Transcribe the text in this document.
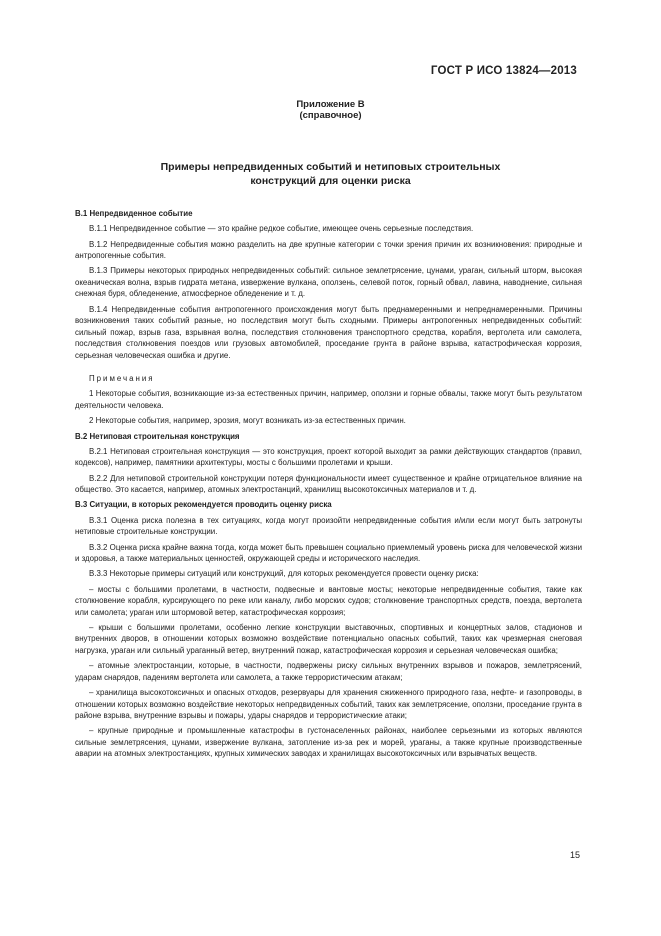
ГОСТ Р ИСО 13824—2013
Приложение В
(справочное)
Примеры непредвиденных событий и нетиповых строительных
конструкций для оценки риска

В.1 Непредвиденное событие

В.1.1 Непредвиденное событие — это крайне редкое событие, имеющее очень серьезные последствия.

В.1.2 Непредвиденные события можно разделить на две крупные категории с точки зрения причин их возникновения: природные и антропогенные события.

В.1.3 Примеры некоторых природных непредвиденных событий: сильное землетрясение, цунами, ураган, сильный шторм, высокая океаническая волна, взрыв гидрата метана, извержение вулкана, оползень, селевой поток, горный обвал, лавина, наводнение, сильная снежная буря, обледенение, атмосферное обледенение и т. д.

В.1.4 Непредвиденные события антропогенного происхождения могут быть преднамеренными и непреднамеренными. Причины возникновения таких событий разные, но последствия могут быть сходными. Примеры антропогенных непредвиденных событий: сильный пожар, взрыв газа, взрывная волна, последствия столкновения транспортного средства, корабля, вертолета или самолета, последствия столкновения поездов или грузовых автомобилей, проседание грунта в районе взрыва, катастрофическая коррозия, серьезная человеческая ошибка и другие.

Примечания

1 Некоторые события, возникающие из-за естественных причин, например, оползни и горные обвалы, также могут быть результатом деятельности человека.

2 Некоторые события, например, эрозия, могут возникать из-за естественных причин.

В.2 Нетиповая строительная конструкция

В.2.1 Нетиповая строительная конструкция — это конструкция, проект которой выходит за рамки действующих стандартов (правил, кодексов), например, памятники архитектуры, мосты с большими пролетами и крыши.

В.2.2 Для нетиповой строительной конструкции потеря функциональности имеет существенное и крайне отрицательное влияние на общество. Это касается, например, атомных электростанций, хранилищ высокотоксичных материалов и т. д.

В.3 Ситуации, в которых рекомендуется проводить оценку риска

В.3.1 Оценка риска полезна в тех ситуациях, когда могут произойти непредвиденные события и/или если могут быть затронуты нетиповые строительные конструкции.

В.3.2 Оценка риска крайне важна тогда, когда может быть превышен социально приемлемый уровень риска для человеческой жизни и здоровья, а также материальных ценностей, окружающей среды и исторического наследия.

В.3.3 Некоторые примеры ситуаций или конструкций, для которых рекомендуется провести оценку риска:

– мосты с большими пролетами, в частности, подвесные и вантовые мосты; некоторые непредвиденные события, такие как столкновение корабля, курсирующего по реке или каналу, либо морских судов; столкновение транспортных средств, поезда, вертолета или самолета; ураган или штормовой ветер, катастрофическая коррозия;

– крыши с большими пролетами, особенно легкие конструкции выставочных, спортивных и концертных залов, стадионов и внутренних дворов, в отношении которых возможно воздействие потенциально опасных событий, таких как чрезмерная снеговая нагрузка, ураган или сильный ураганный ветер, внутренний пожар, катастрофическая коррозия и серьезная человеческая ошибка;

– атомные электростанции, которые, в частности, подвержены риску сильных внутренних взрывов и пожаров, землетрясений, ударам снарядов, падениям вертолета или самолета, а также террористическим атакам;

– хранилища высокотоксичных и опасных отходов, резервуары для хранения сжиженного природного газа, нефте- и газопроводы, в отношении которых возможно воздействие некоторых непредвиденных событий, таких как землетрясение, оползни, проседание грунта в районе взрыва, внутренние взрывы и пожары, удары снарядов и террористические атаки;

– крупные природные и промышленные катастрофы в густонаселенных районах, наиболее серьезными из которых являются сильные землетрясения, цунами, извержение вулкана, затопление из-за рек и морей, ураганы, а также крупные производственные аварии на атомных электростанциях, крупных химических заводах и хранилищах высокотоксичных или взрывчатых веществ.

15
